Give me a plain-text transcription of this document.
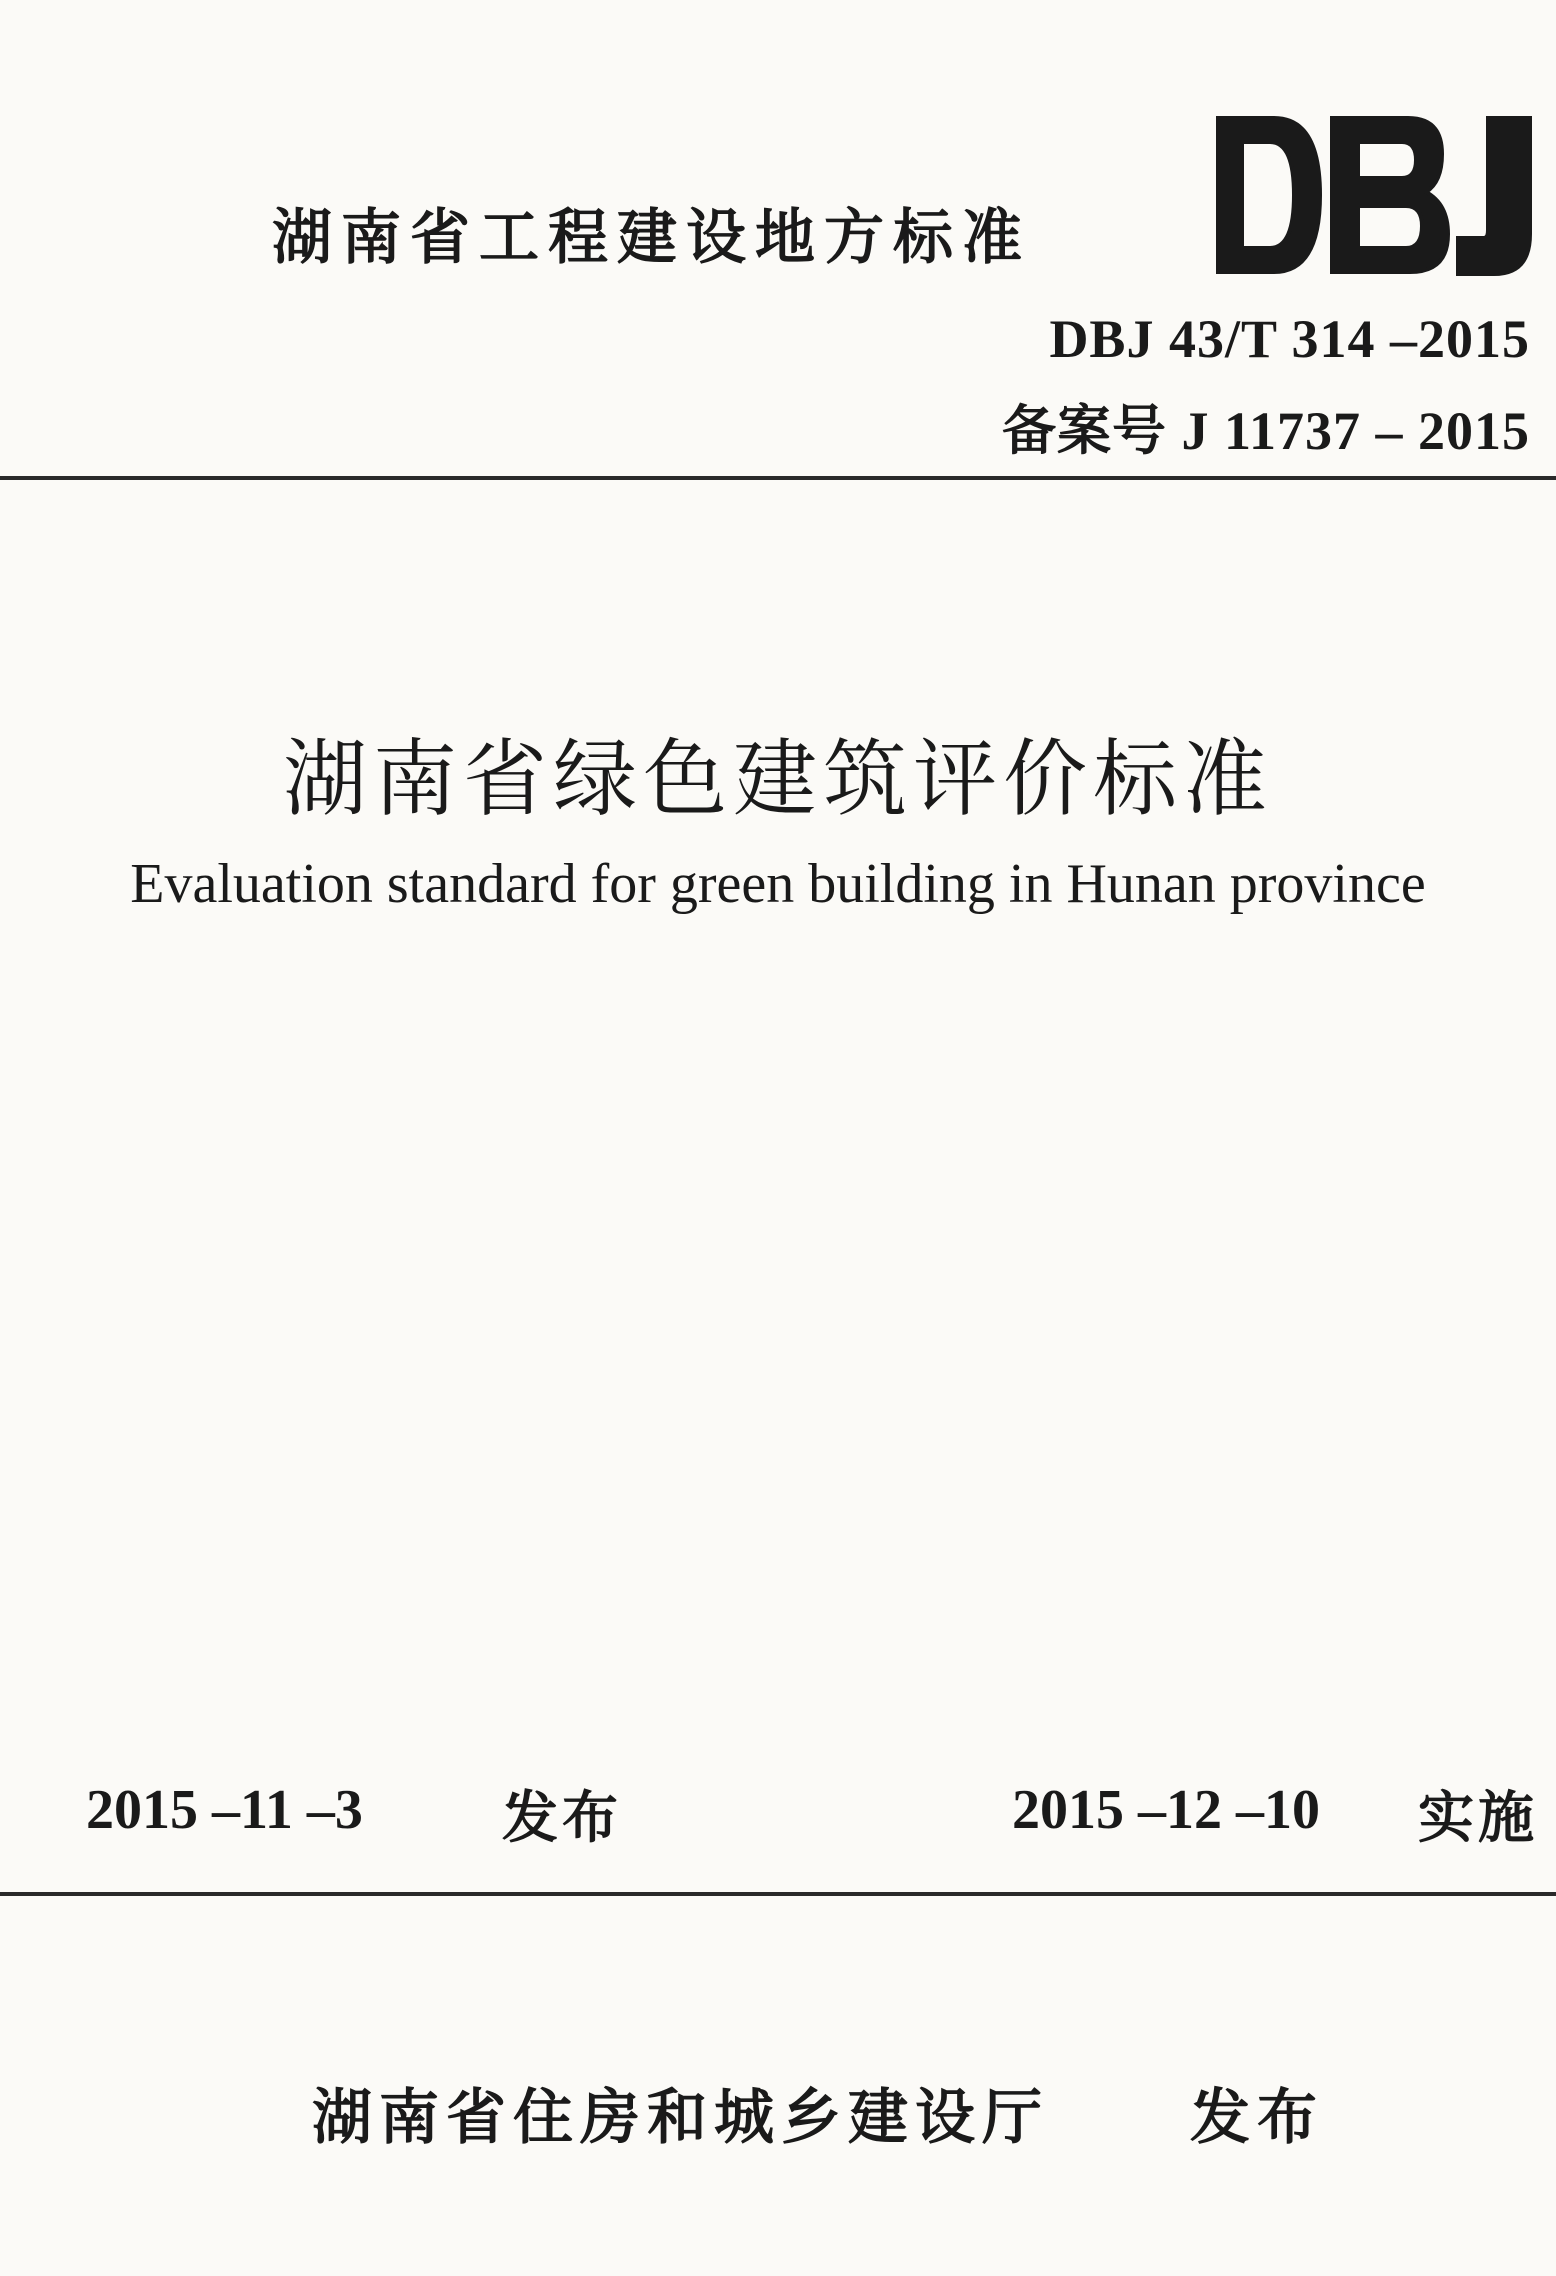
湖南省工程建设地方标准
DBJ
DBJ 43/T 314 –2015
备案号 J 11737 – 2015
湖南省绿色建筑评价标准
Evaluation standard for green building in Hunan province
2015 –11 –3 发布	2015 –12 –10 实施
湖南省住房和城乡建设厅 发布
